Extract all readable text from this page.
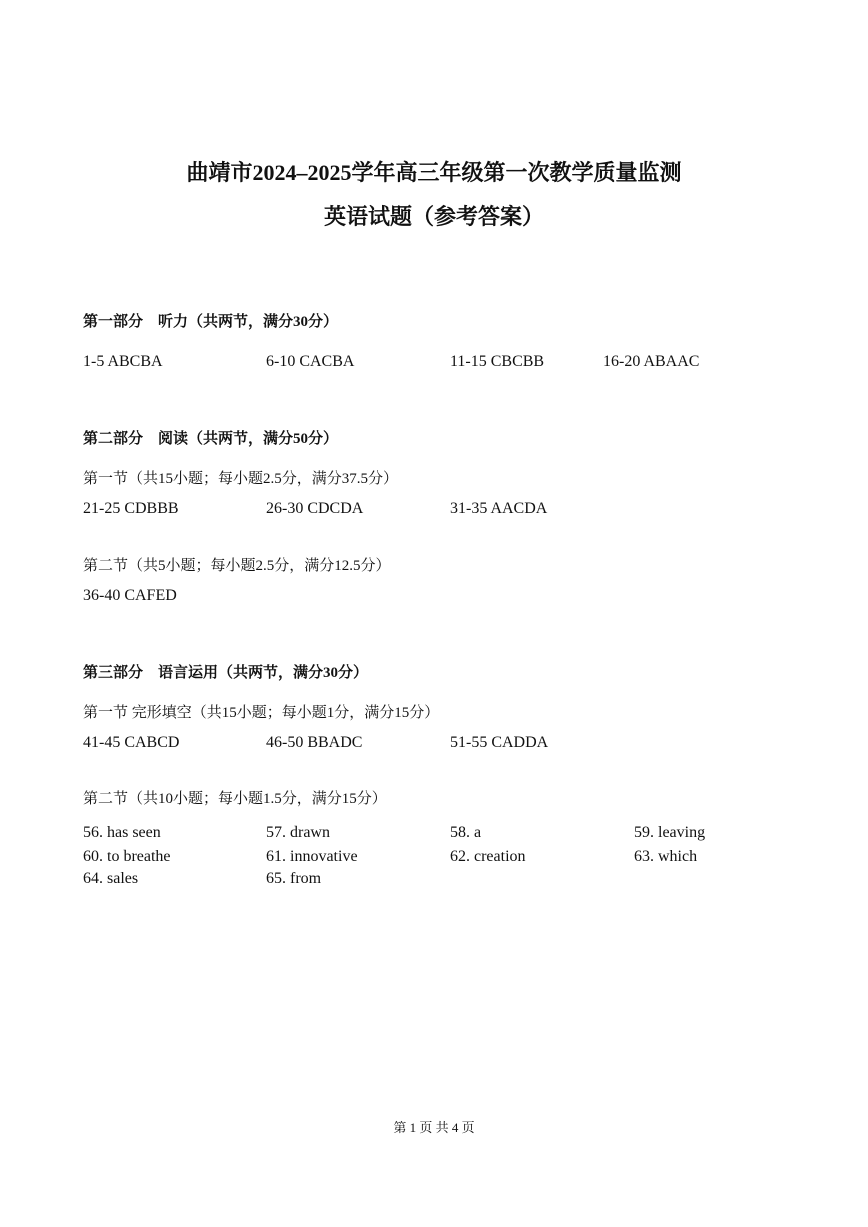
曲靖市2024–2025学年高三年级第一次教学质量监测
英语试题（参考答案）
第一部分　听力（共两节，满分30分）
1-5 ABCBA	6-10 CACBA	11-15 CBCBB	16-20 ABAAC
第二部分　阅读（共两节，满分50分）
第一节（共15小题；每小题2.5分，满分37.5分）
21-25 CDBBB	26-30 CDCDA	31-35 AACDA
第二节（共5小题；每小题2.5分，满分12.5分）
36-40 CAFED
第三部分　语言运用（共两节，满分30分）
第一节 完形填空（共15小题；每小题1分，满分15分）
41-45 CABCD	46-50 BBADC	51-55 CADDA
第二节（共10小题；每小题1.5分，满分15分）
56. has seen	57. drawn	58. a	59. leaving
60. to breathe	61. innovative	62. creation	63. which
64. sales	65. from
第 1 页 共 4 页
